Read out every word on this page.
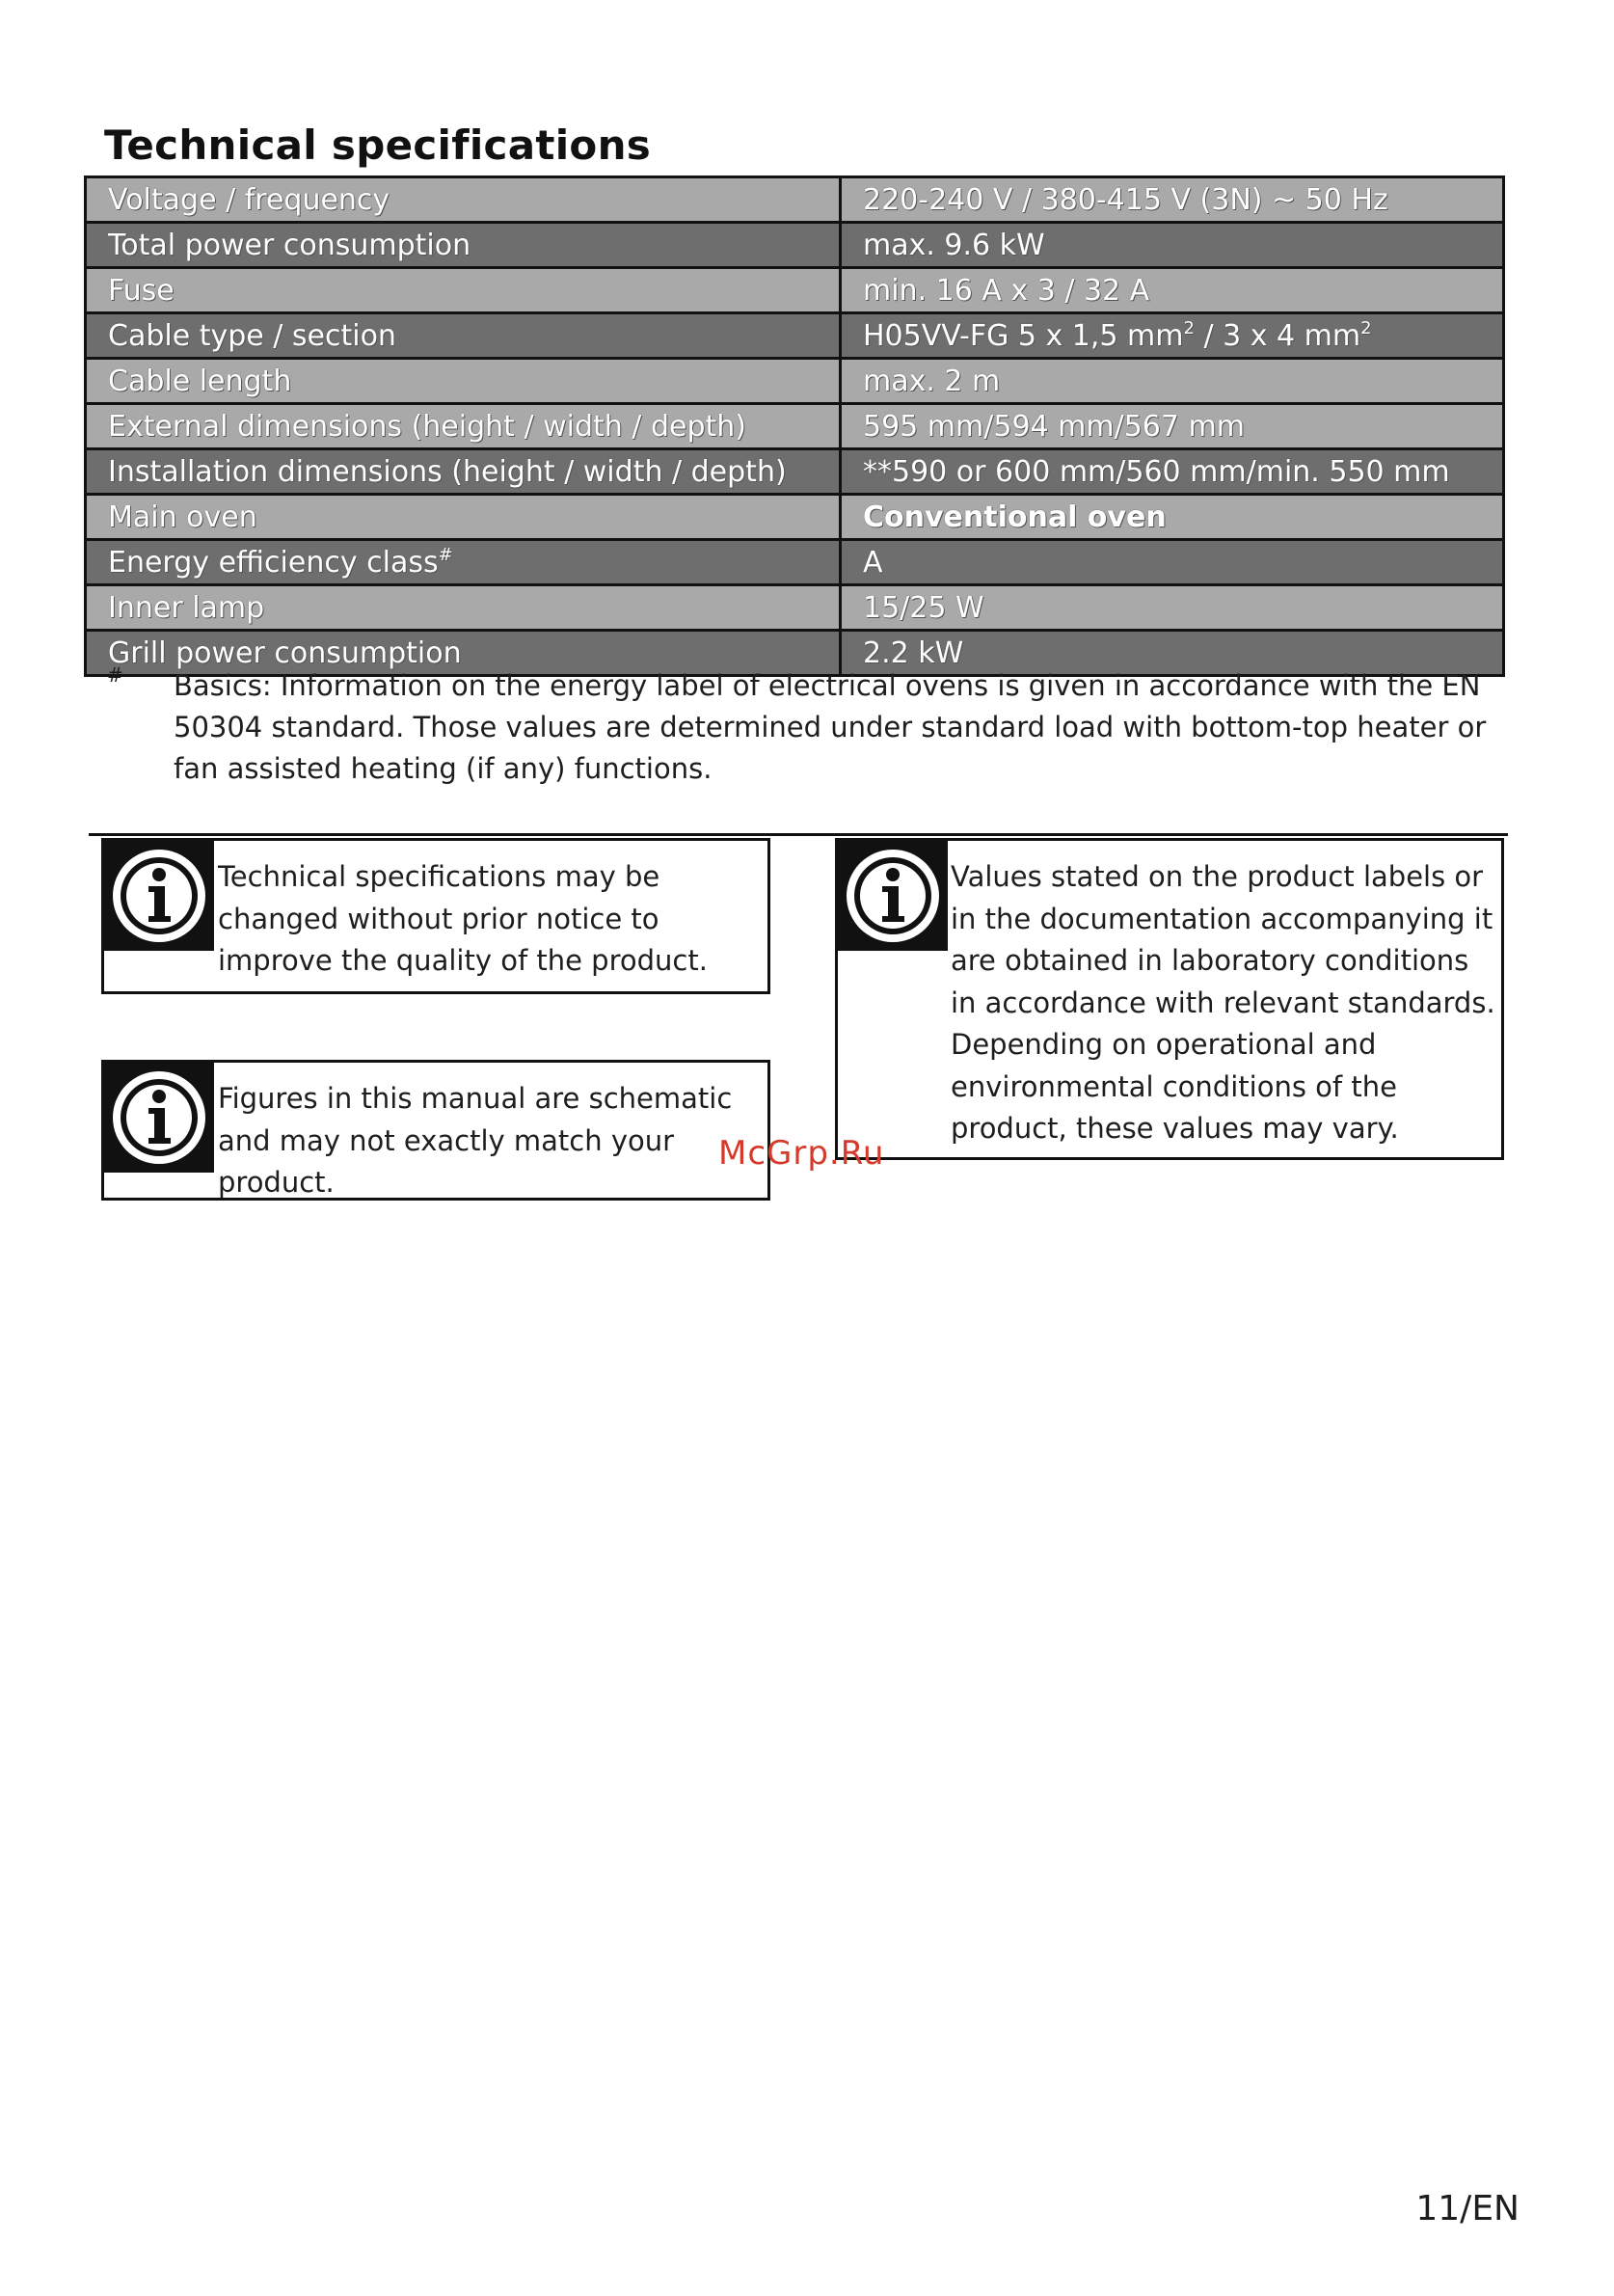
Technical specifications
Voltage / frequency	220-240 V / 380-415 V (3N) ~ 50 Hz
Total power consumption	max. 9.6 kW
Fuse	min. 16 A x 3 / 32 A
Cable type / section	H05VV-FG 5 x 1,5 $mm^2 / 3$ x 4 $mm^2$
Cable length	max. 2 m
External dimensions (height / width / depth)	595 mm/594 mm/567 mm
Installation dimensions (height / width / depth)	**590 or 600 mm/560 mm/min. 550 mm
Main oven	Conventional oven
Energy efficiency class#	A
Inner lamp	15/25 W
Grill power consumption	2.2 kW
# Basics: Information on the energy label of electrical ovens is given in accordance with the EN 50304 standard. Those values are determined under standard load with bottom-top heater or fan assisted heating (if any) functions.

Technical specifications may be changed without prior notice to improve the quality of the product.

Figures in this manual are schematic and may not exactly match your product.

Values stated on the product labels or in the documentation accompanying it are obtained in laboratory conditions in accordance with relevant standards. Depending on operational and environmental conditions of the product, these values may vary.

McGrp.Ru
11/EN
